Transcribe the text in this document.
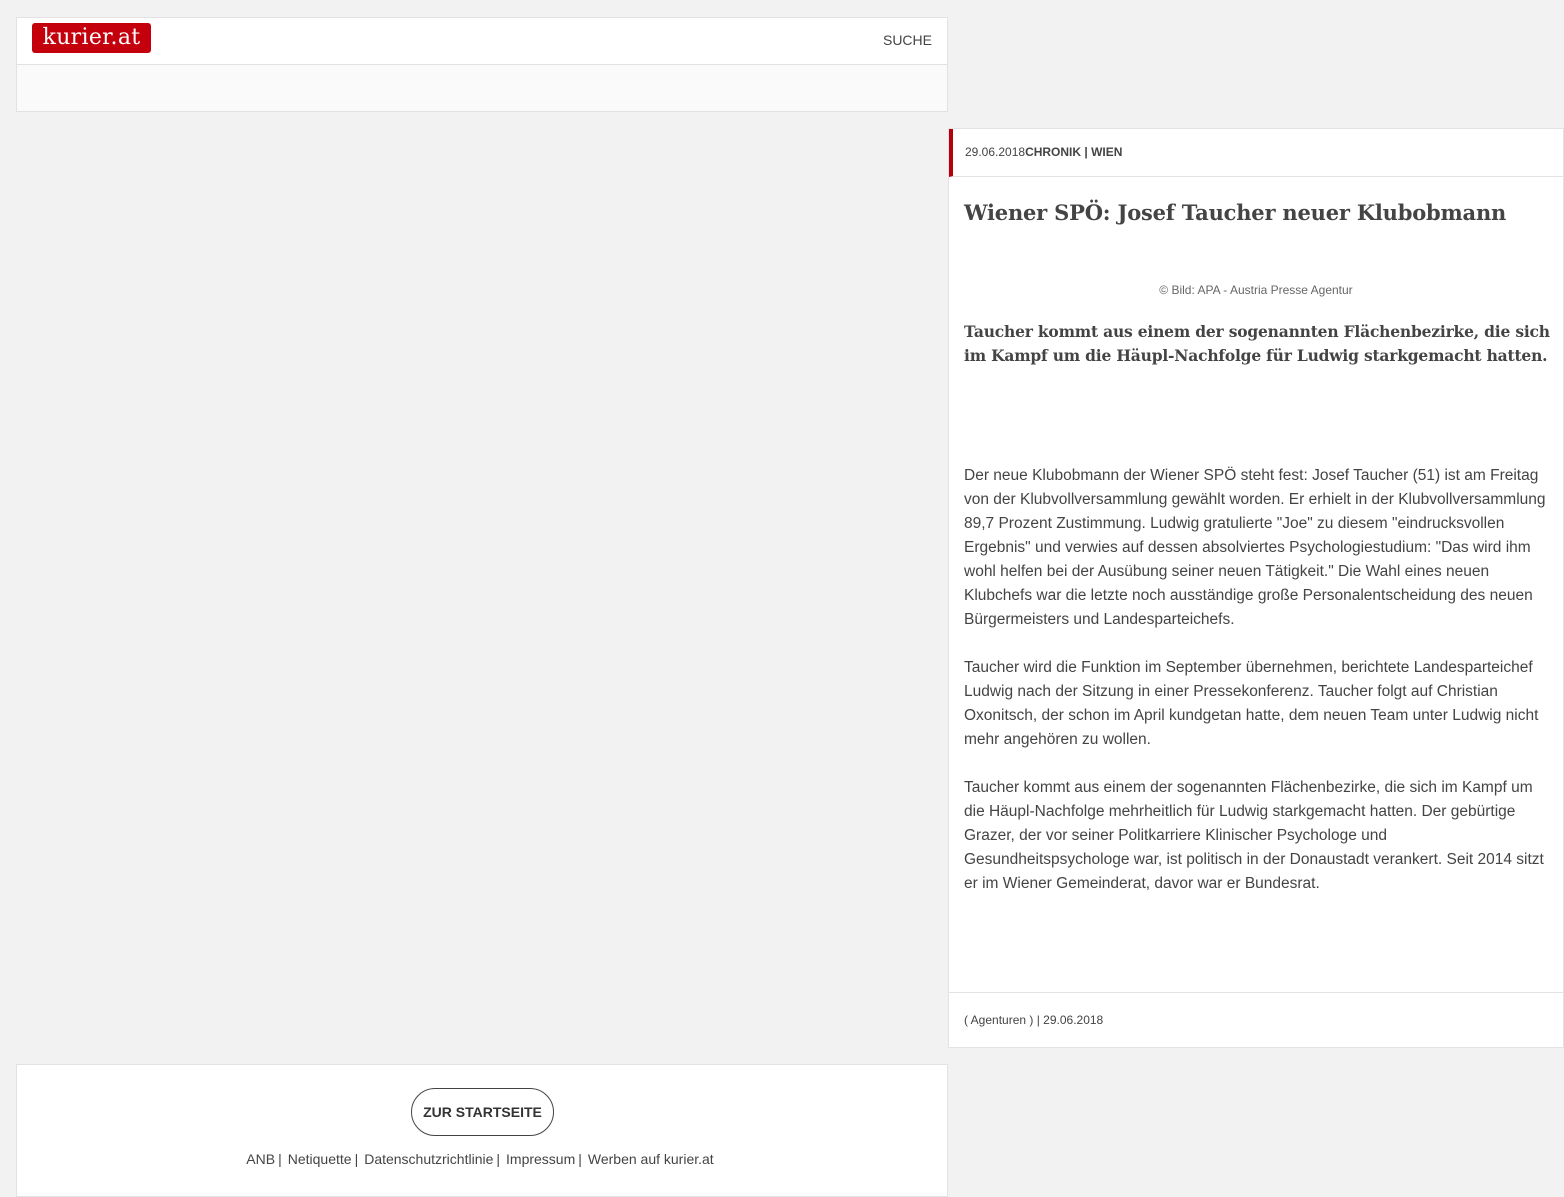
kurier.at	SUCHE
29.06.2018CHRONIK | WIEN
Wiener SPÖ: Josef Taucher neuer Klubobmann
© Bild: APA - Austria Presse Agentur
Taucher kommt aus einem der sogenannten Flächenbezirke, die sich im Kampf um die Häupl-Nachfolge für Ludwig starkgemacht hatten.

Der neue Klubobmann der Wiener SPÖ steht fest: Josef Taucher (51) ist am Freitag von der Klubvollversammlung gewählt worden. Er erhielt in der Klubvollversammlung 89,7 Prozent Zustimmung. Ludwig gratulierte "Joe" zu diesem "eindrucksvollen Ergebnis" und verwies auf dessen absolviertes Psychologiestudium: "Das wird ihm wohl helfen bei der Ausübung seiner neuen Tätigkeit." Die Wahl eines neuen Klubchefs war die letzte noch ausständige große Personalentscheidung des neuen Bürgermeisters und Landesparteichefs.

Taucher wird die Funktion im September übernehmen, berichtete Landesparteichef Ludwig nach der Sitzung in einer Pressekonferenz. Taucher folgt auf Christian Oxonitsch, der schon im April kundgetan hatte, dem neuen Team unter Ludwig nicht mehr angehören zu wollen.

Taucher kommt aus einem der sogenannten Flächenbezirke, die sich im Kampf um die Häupl-Nachfolge mehrheitlich für Ludwig starkgemacht hatten. Der gebürtige Grazer, der vor seiner Politkarriere Klinischer Psychologe und Gesundheitspsychologe war, ist politisch in der Donaustadt verankert. Seit 2014 sitzt er im Wiener Gemeinderat, davor war er Bundesrat.

( Agenturen ) | 29.06.2018
ZUR STARTSEITE
ANB | Netiquette | Datenschutzrichtlinie | Impressum | Werben auf kurier.at
